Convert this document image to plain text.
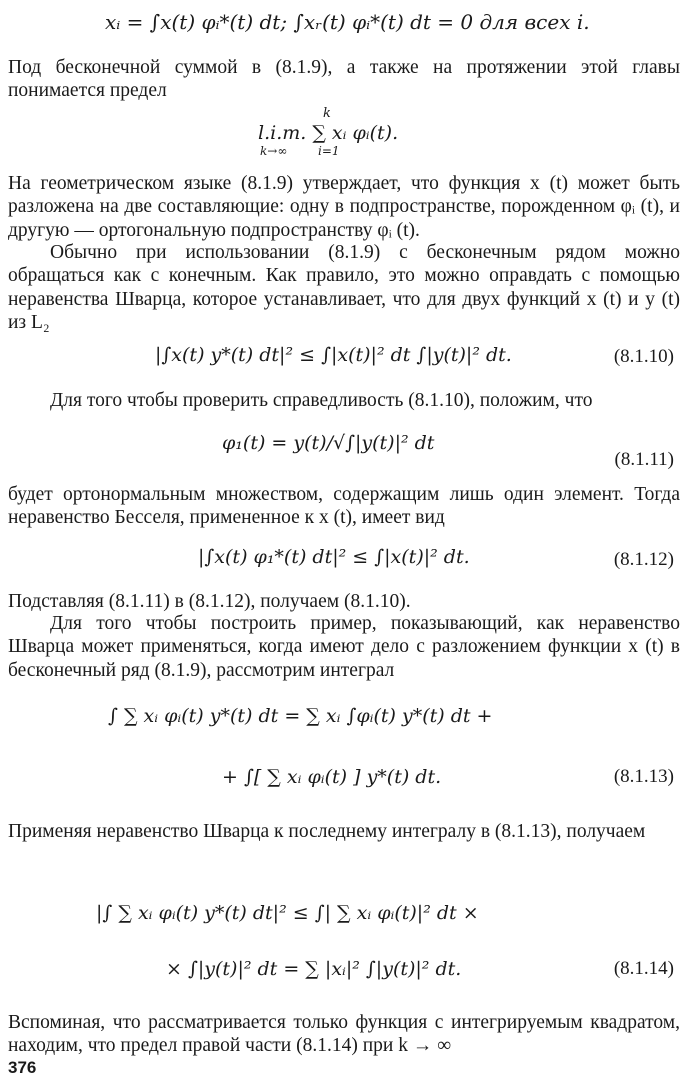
xᵢ = ∫x(t) φᵢ*(t) dt; ∫xᵣ(t) φᵢ*(t) dt = 0 для всех i.

Под бесконечной суммой в (8.1.9), а также на протяжении этой главы понимается предел

k
l.i.m. ∑ xᵢ φᵢ(t).
k→∞	i=1

На геометрическом языке (8.1.9) утверждает, что функция x (t) может быть разложена на две составляющие: одну в подпространстве, порожденном φᵢ (t), и другую — ортогональную подпространству φᵢ (t).

Обычно при использовании (8.1.9) с бесконечным рядом можно обращаться как с конечным. Как правило, это можно оправдать с помощью неравенства Шварца, которое устанавливает, что для двух функций x (t) и y (t) из L₂

|∫x(t) y*(t) dt|² ≤ ∫|x(t)|² dt ∫|y(t)|² dt.	(8.1.10)

Для того чтобы проверить справедливость (8.1.10), положим, что

φ₁(t) = y(t)/√∫|y(t)|² dt
(8.1.11)

будет ортонормальным множеством, содержащим лишь один элемент. Тогда неравенство Бесселя, примененное к x (t), имеет вид

|∫x(t) φ₁*(t) dt|² ≤ ∫|x(t)|² dt.	(8.1.12)

Подставляя (8.1.11) в (8.1.12), получаем (8.1.10).

Для того чтобы построить пример, показывающий, как неравенство Шварца может применяться, когда имеют дело с разложением функции x (t) в бесконечный ряд (8.1.9), рассмотрим интеграл

∫ ∑ xᵢ φᵢ(t) y*(t) dt = ∑ xᵢ ∫φᵢ(t) y*(t) dt +
+ ∫[ ∑ xᵢ φᵢ(t) ] y*(t) dt.	(8.1.13)

Применяя неравенство Шварца к последнему интегралу в (8.1.13), получаем

|∫ ∑ xᵢ φᵢ(t) y*(t) dt|² ≤ ∫| ∑ xᵢ φᵢ(t)|² dt ×
× ∫|y(t)|² dt = ∑ |xᵢ|² ∫|y(t)|² dt.	(8.1.14)

Вспоминая, что рассматривается только функция с интегрируемым квадратом, находим, что предел правой части (8.1.14) при k → ∞

376
